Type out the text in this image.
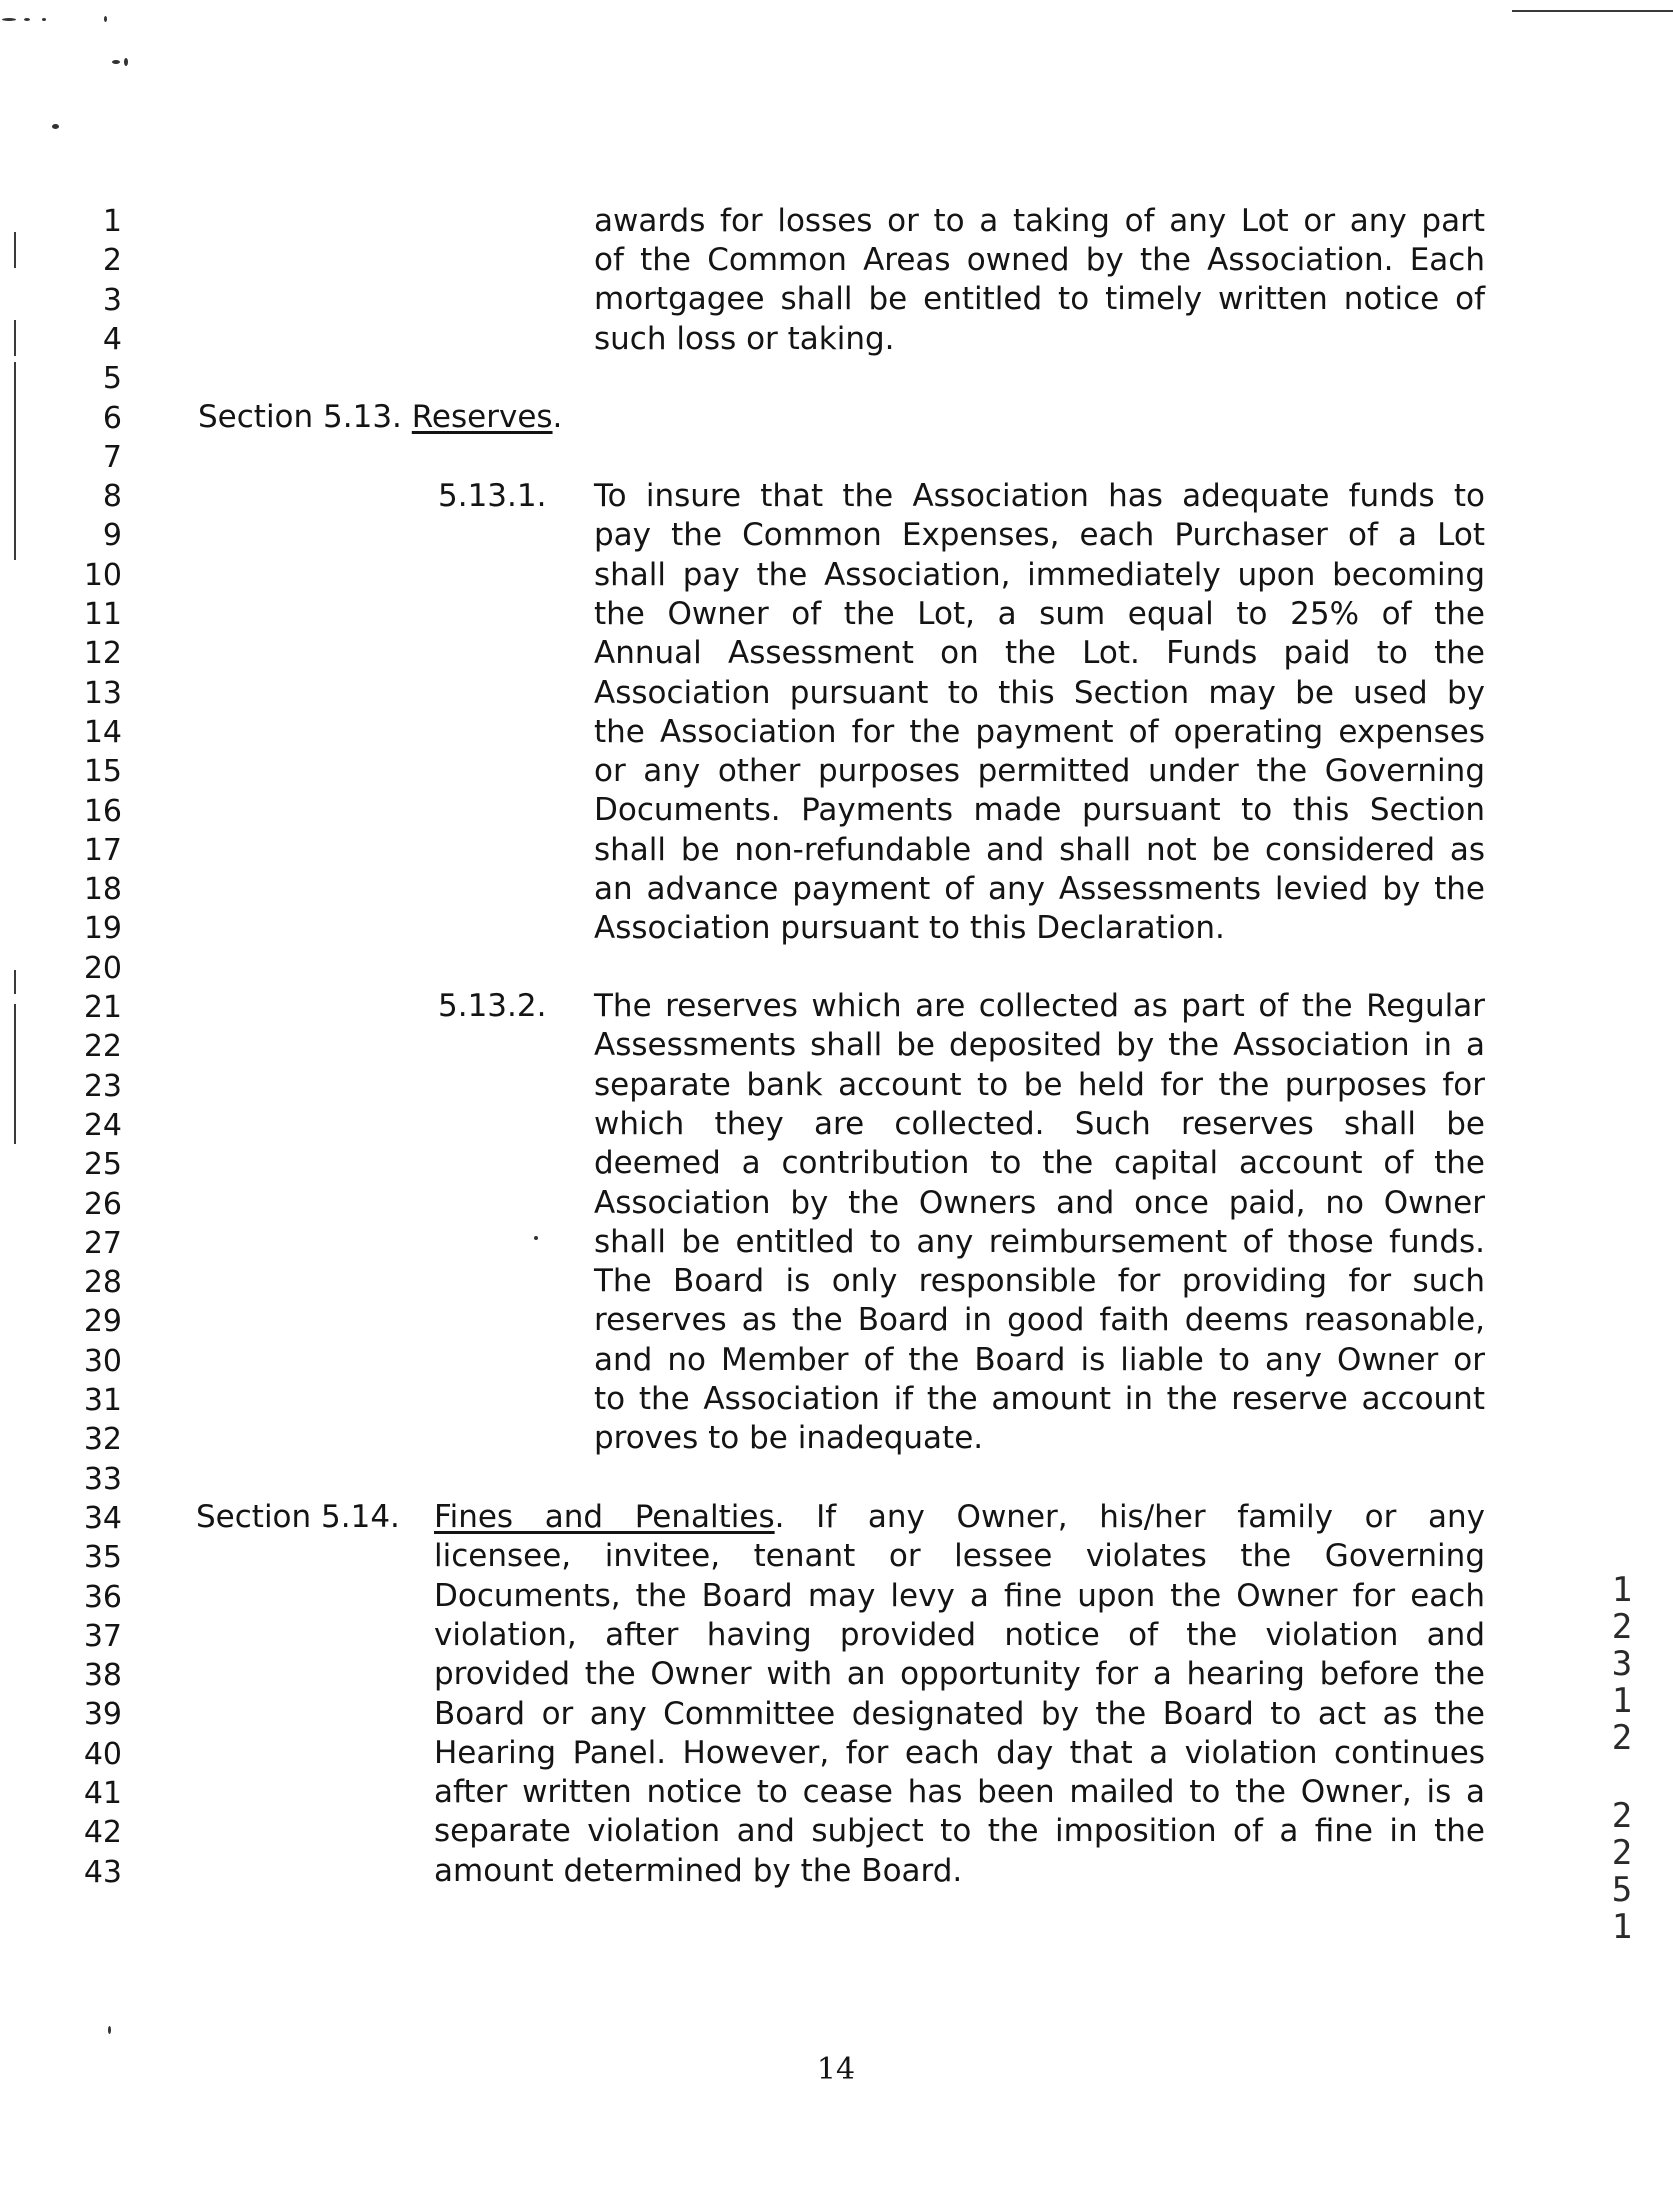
1
2
3
4
5
6
7
8
9
10
11
12
13
14
15
16
17
18
19
20
21
22
23
24
25
26
27
28
29
30
31
32
33
34
35
36
37
38
39
40
41
42
43
awards for losses or to a taking of any Lot or any part
of the Common Areas owned by the Association. Each
mortgagee shall be entitled to timely written notice of
such loss or taking.
Section 5.13. Reserves.
5.13.1. To insure that the Association has adequate funds to
pay the Common Expenses, each Purchaser of a Lot
shall pay the Association, immediately upon becoming
the Owner of the Lot, a sum equal to 25% of the
Annual Assessment on the Lot. Funds paid to the
Association pursuant to this Section may be used by
the Association for the payment of operating expenses
or any other purposes permitted under the Governing
Documents. Payments made pursuant to this Section
shall be non-refundable and shall not be considered as
an advance payment of any Assessments levied by the
Association pursuant to this Declaration.
5.13.2. The reserves which are collected as part of the Regular
Assessments shall be deposited by the Association in a
separate bank account to be held for the purposes for
which they are collected. Such reserves shall be
deemed a contribution to the capital account of the
Association by the Owners and once paid, no Owner
shall be entitled to any reimbursement of those funds.
The Board is only responsible for providing for such
reserves as the Board in good faith deems reasonable,
and no Member of the Board is liable to any Owner or
to the Association if the amount in the reserve account
proves to be inadequate.
Section 5.14. Fines and Penalties. If any Owner, his/her family or any
licensee, invitee, tenant or lessee violates the Governing
Documents, the Board may levy a fine upon the Owner for each
violation, after having provided notice of the violation and
provided the Owner with an opportunity for a hearing before the
Board or any Committee designated by the Board to act as the
Hearing Panel. However, for each day that a violation continues
after written notice to cease has been mailed to the Owner, is a
separate violation and subject to the imposition of a fine in the
amount determined by the Board.
14
1
2
3
1
2
2
2
5
1
